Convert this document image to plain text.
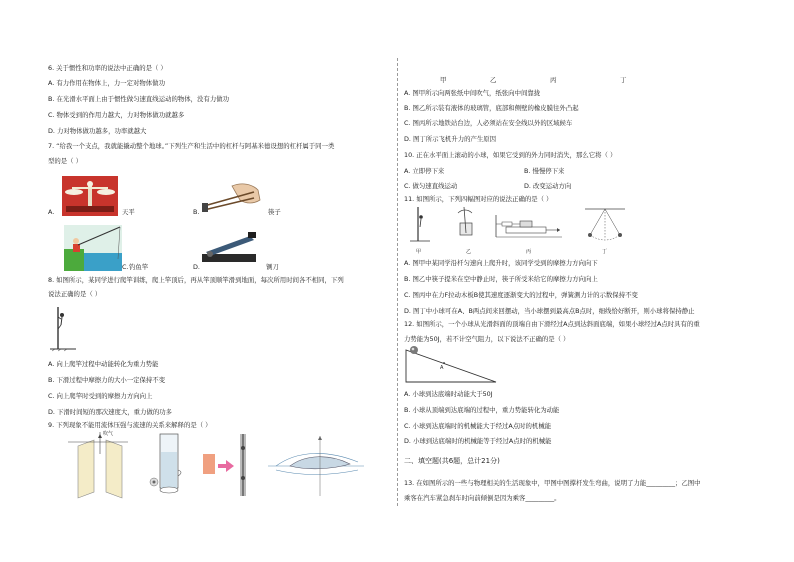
6. 关于惯性和功率的说法中正确的是（ ）
A. 有力作用在物体上，力一定对物体做功
B. 在光滑水平面上由于惯性做匀速直线运动的物体，没有力做功
C. 物体受到的作用力越大，力对物体做功就越多
D. 力对物体做功越多，功率就越大
7. “给我一个支点，我就能撬动整个地球。”下列生产和生活中的杠杆与阿基米德设想的杠杆属于同一类
型的是（ ）
A.	天平	B.	筷子
C. 钓鱼竿	D.	铡刀
8. 如图所示，某同学进行爬竿训练，爬上竿顶后，再从竿顶顺竿滑到地面，每次所用时间各不相同，下列
说法正确的是（ ）
A. 向上爬竿过程中动能转化为重力势能
B. 下滑过程中摩擦力的大小一定保持不变
C. 向上爬竿时受到的摩擦力方向向上
D. 下滑时间短的那次速度大，重力做的功多
9. 下列现象不能用流体压强与流速的关系来解释的是（ ）
吹气
甲	乙	丙	丁
A. 图甲所示向两张纸中间吹气，纸张向中间靠拢
B. 图乙所示装有液体的玻璃管，底部和侧壁的橡皮膜往外凸起
C. 图丙所示地铁站台边，人必须站在安全线以外的区域候车
D. 图丁所示飞机升力的产生原因
10. 正在水平面上滚动的小球，如果它受到的外力同时消失，那么它将（ ）
A. 立即停下来	B. 慢慢停下来
C. 做匀速直线运动	D. 改变运动方向
11. 如图所示，下列四幅图对应的说法正确的是（ ）
甲	乙	丙	丁
A. 图甲中某同学沿杆匀速向上爬升时，该同学受到的摩擦力方向向下
B. 图乙中筷子提米在空中静止时，筷子所受米给它的摩擦力方向向上
C. 图丙中在力F拉动木板B使其速度逐渐变大的过程中，弹簧测力计的示数保持不变
D. 图丁中小球可在A、B两点间来回摆动，当小球摆到最高点B点时，细线恰好断开，则小球将保持静止
12. 如图所示，一个小球从光滑斜面的顶端自由下滑经过A点到达斜面底端，如果小球经过A点时具有的重
力势能为50J，若不计空气阻力，以下说法不正确的是（ ）
A
A. 小球到达底端时动能大于50J
B. 小球从顶端到达底端的过程中，重力势能转化为动能
C. 小球到达底端时的机械能大于经过A点时的机械能
D. 小球到达底端时的机械能等于经过A点时的机械能
二、填空题(共6题，总计21分)
13. 在如图所示的一些与物理相关的生活现象中，甲图中图撑杆发生弯曲，说明了力能_________；乙图中
乘客在汽车紧急刹车时向前倾倒是因为乘客_________。
